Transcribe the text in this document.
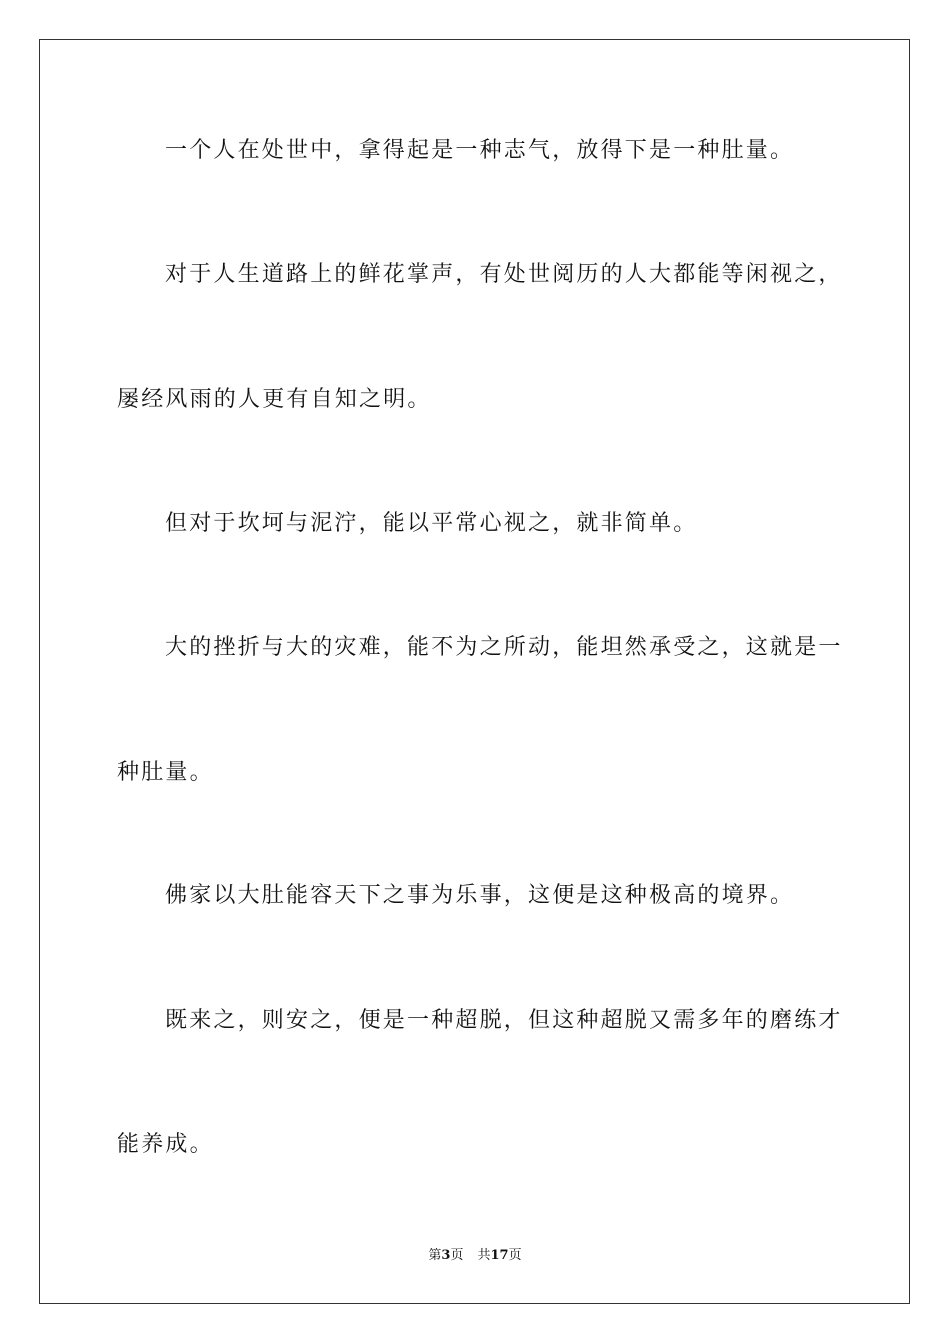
一个人在处世中，拿得起是一种志气，放得下是一种肚量。

对于人生道路上的鲜花掌声，有处世阅历的人大都能等闲视之，

屡经风雨的人更有自知之明。

但对于坎坷与泥泞，能以平常心视之，就非简单。

大的挫折与大的灾难，能不为之所动，能坦然承受之，这就是一

种肚量。

佛家以大肚能容天下之事为乐事，这便是这种极高的境界。

既来之，则安之，便是一种超脱，但这种超脱又需多年的磨练才

能养成。

第3页 共17页
